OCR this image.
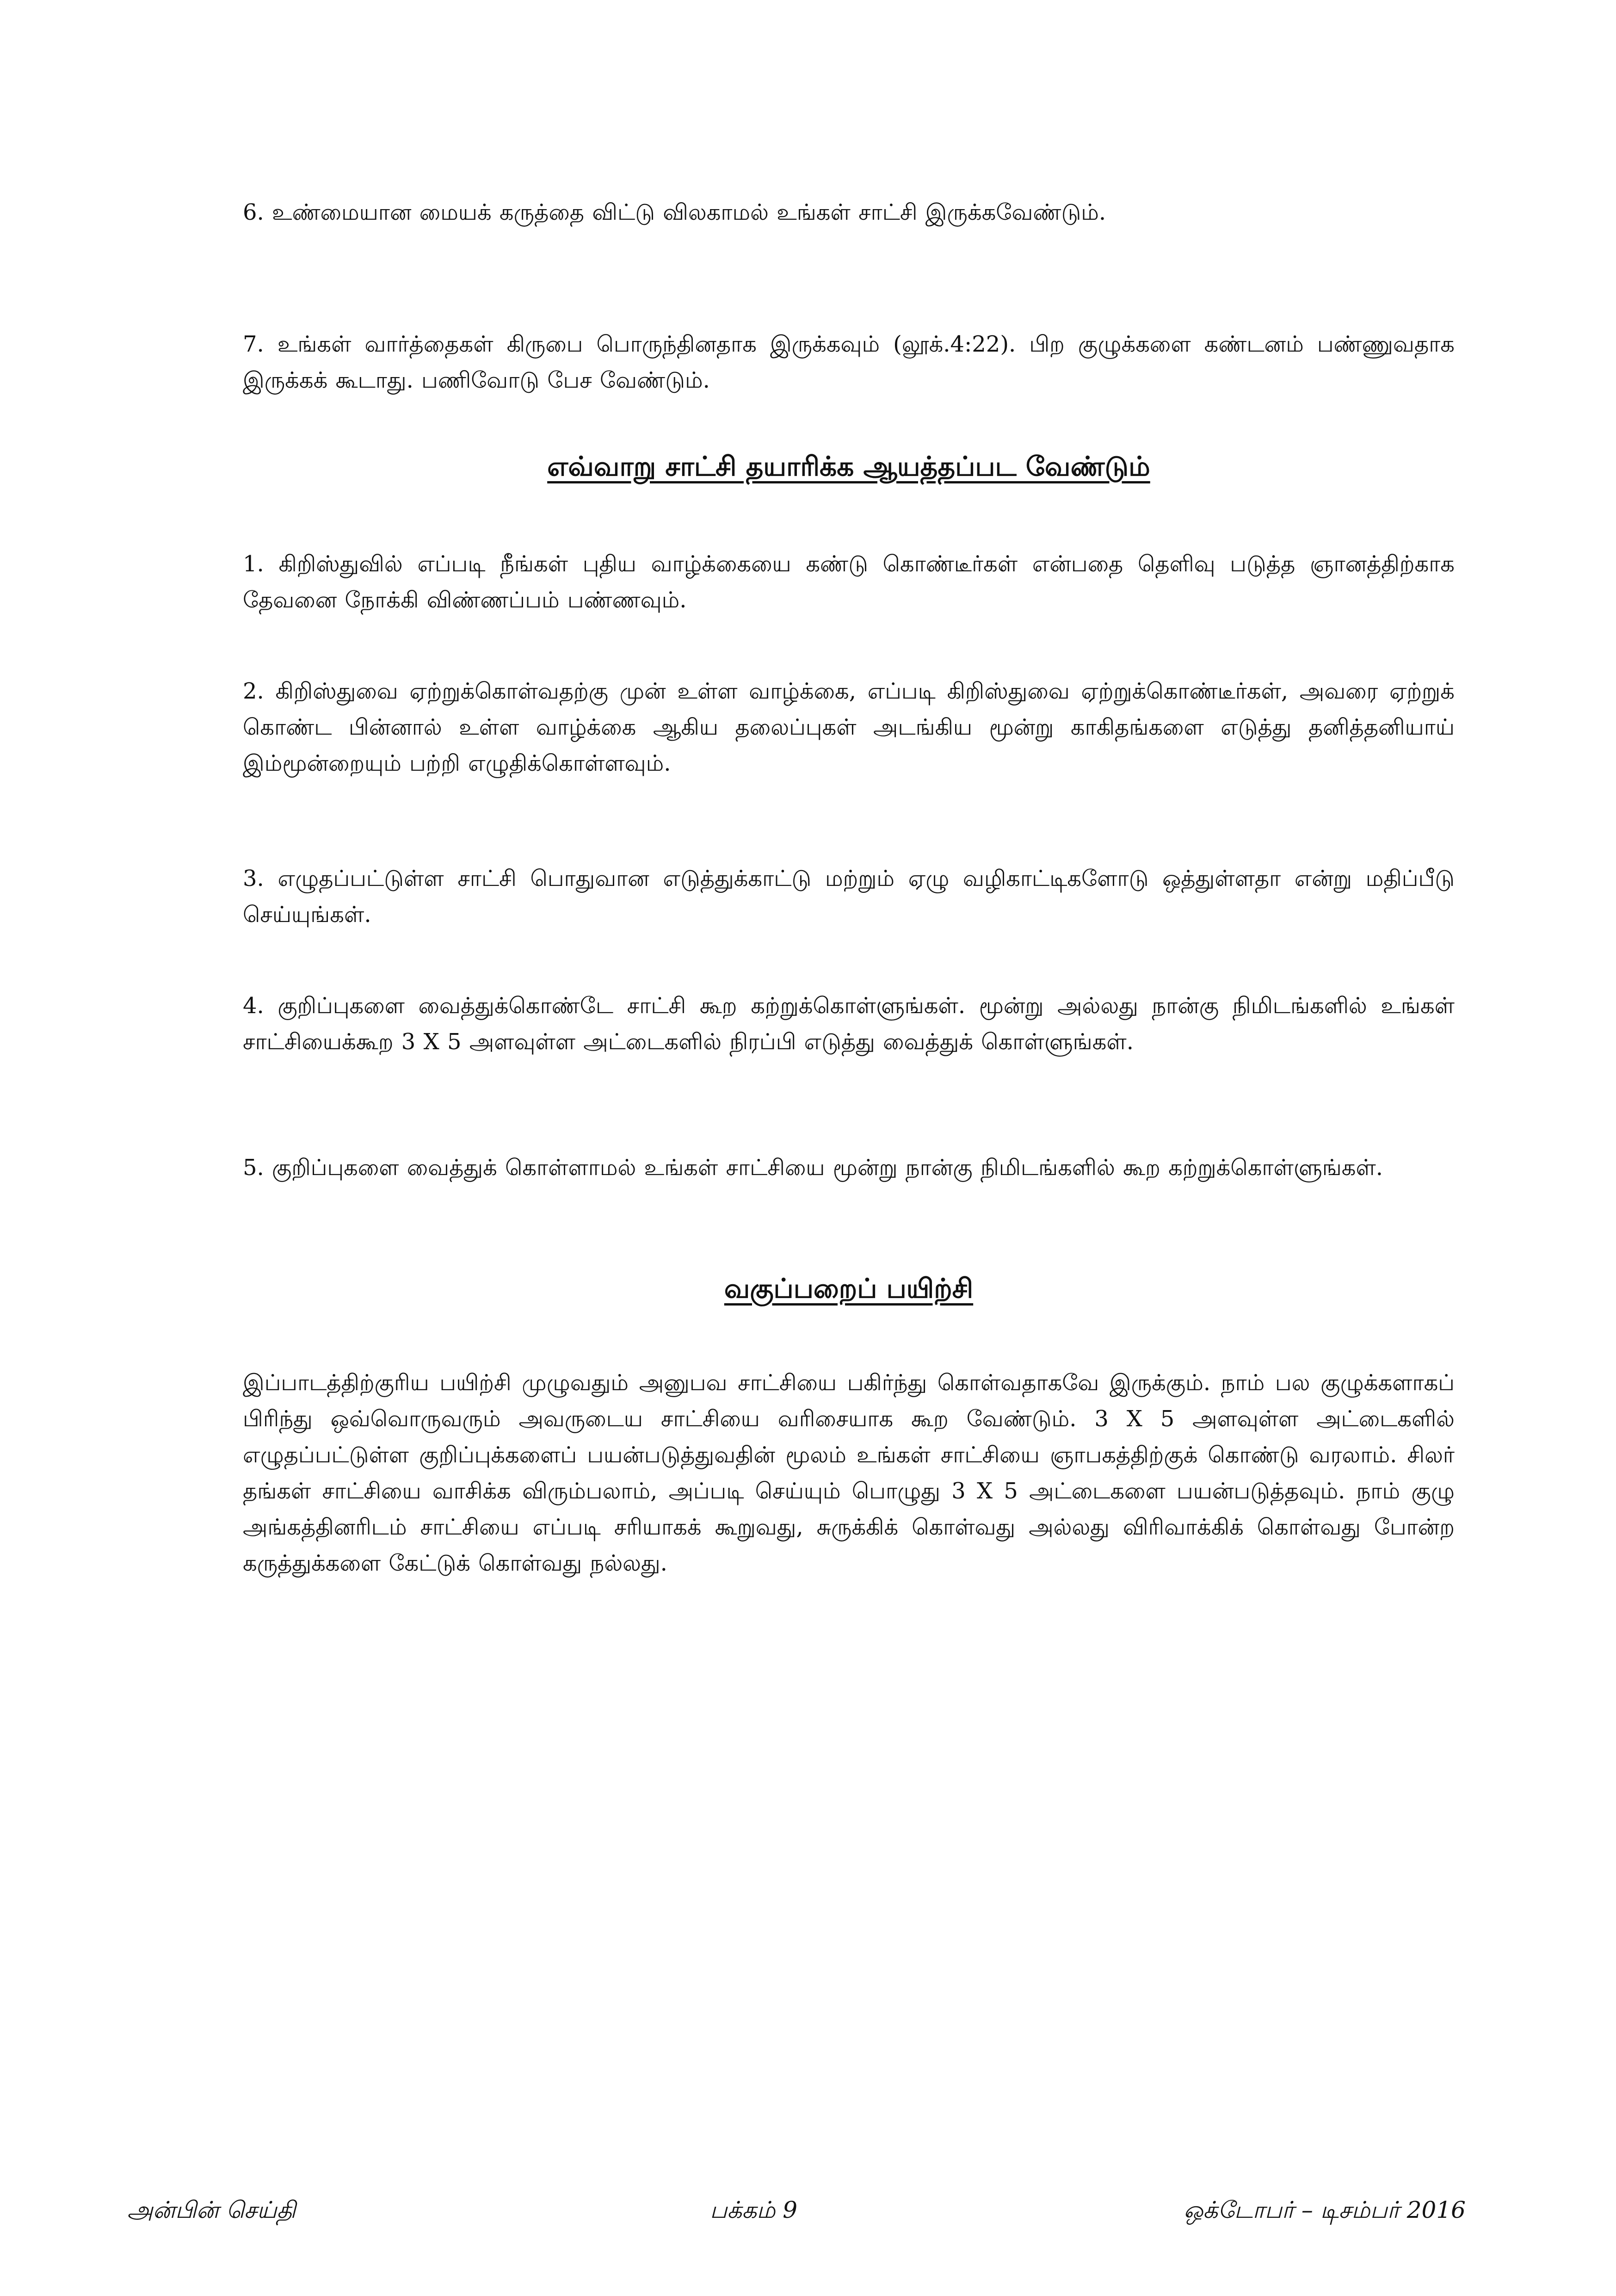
6. உண்மையான மையக் கருத்தை விட்டு விலகாமல் உங்கள் சாட்சி இருக்கவேண்டும்.

7. உங்கள் வார்த்தைகள் கிருபை பொருந்தினதாக இருக்கவும் (லூக்.4:22). பிற குழுக்களை கண்டனம் பண்ணுவதாக இருக்கக் கூடாது. பணிவோடு பேச வேண்டும்.

எவ்வாறு சாட்சி தயாரிக்க ஆயத்தப்பட வேண்டும்

1. கிறிஸ்துவில் எப்படி நீங்கள் புதிய வாழ்க்கையை கண்டு கொண்டீர்கள் என்பதை தெளிவு படுத்த ஞானத்திற்காக தேவனை நோக்கி விண்ணப்பம் பண்ணவும்.

2. கிறிஸ்துவை ஏற்றுக்கொள்வதற்கு முன் உள்ள வாழ்க்கை, எப்படி கிறிஸ்துவை ஏற்றுக்கொண்டீர்கள், அவரை ஏற்றுக் கொண்ட பின்னால் உள்ள வாழ்க்கை ஆகிய தலைப்புகள் அடங்கிய மூன்று காகிதங்களை எடுத்து தனித்தனியாய் இம்மூன்றையும் பற்றி எழுதிக்கொள்ளவும்.

3. எழுதப்பட்டுள்ள சாட்சி பொதுவான எடுத்துக்காட்டு மற்றும் ஏழு வழிகாட்டிகளோடு ஒத்துள்ளதா என்று மதிப்பீடு செய்யுங்கள்.

4. குறிப்புகளை வைத்துக்கொண்டே சாட்சி கூற கற்றுக்கொள்ளுங்கள். மூன்று அல்லது நான்கு நிமிடங்களில் உங்கள் சாட்சியைக்கூற 3 X 5 அளவுள்ள அட்டைகளில் நிரப்பி எடுத்து வைத்துக் கொள்ளுங்கள்.

5. குறிப்புகளை வைத்துக் கொள்ளாமல் உங்கள் சாட்சியை மூன்று நான்கு நிமிடங்களில் கூற கற்றுக்கொள்ளுங்கள்.

வகுப்பறைப் பயிற்சி

இப்பாடத்திற்குரிய பயிற்சி முழுவதும் அனுபவ சாட்சியை பகிர்ந்து கொள்வதாகவே இருக்கும். நாம் பல குழுக்களாகப் பிரிந்து ஒவ்வொருவரும் அவருடைய சாட்சியை வரிசையாக கூற வேண்டும். 3 X 5 அளவுள்ள அட்டைகளில் எழுதப்பட்டுள்ள குறிப்புக்களைப் பயன்படுத்துவதின் மூலம் உங்கள் சாட்சியை ஞாபகத்திற்குக் கொண்டு வரலாம். சிலர் தங்கள் சாட்சியை வாசிக்க விரும்பலாம், அப்படி செய்யும் பொழுது 3 X 5 அட்டைகளை பயன்படுத்தவும். நாம் குழு அங்கத்தினரிடம் சாட்சியை எப்படி சரியாகக் கூறுவது, சுருக்கிக் கொள்வது அல்லது விரிவாக்கிக் கொள்வது போன்ற கருத்துக்களை கேட்டுக் கொள்வது நல்லது.

அன்பின் செய்தி	பக்கம் 9	ஒக்டோபர் – டிசம்பர் 2016
